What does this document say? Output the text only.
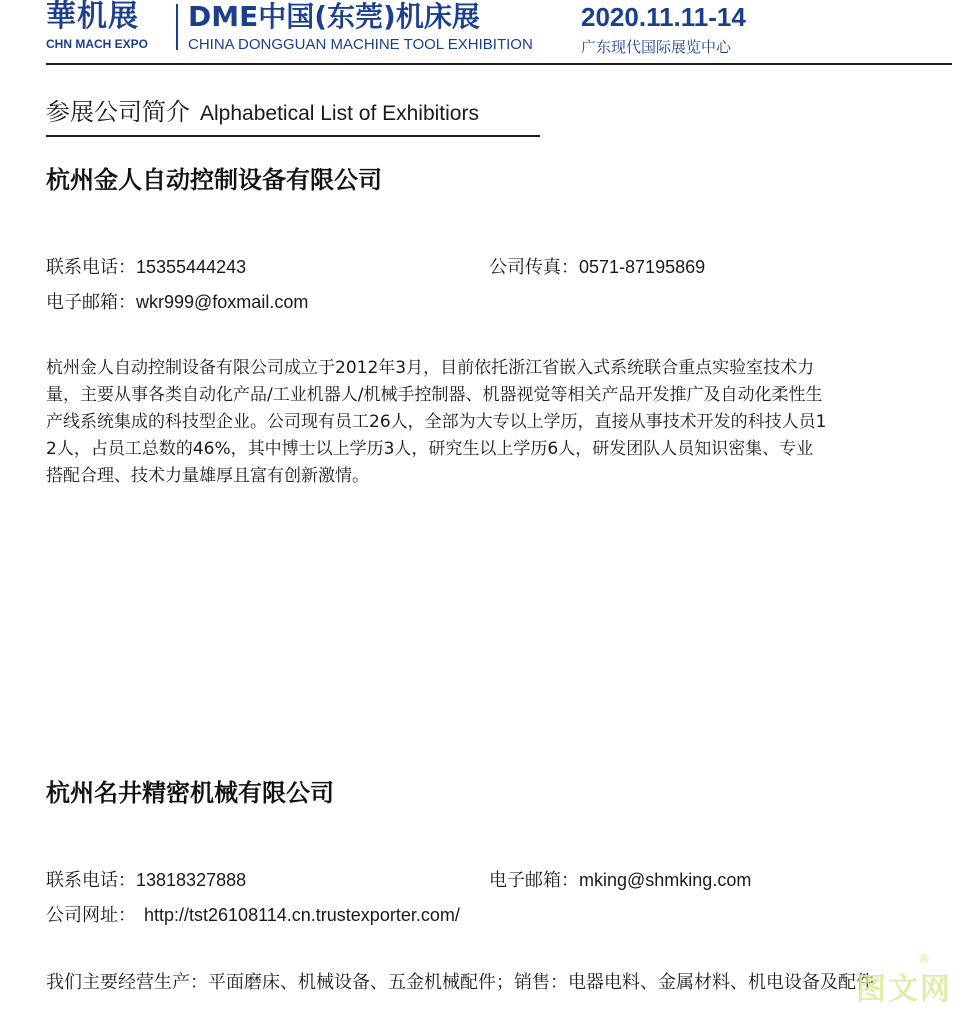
華机展
CHN MACH EXPO
DME中国(东莞)机床展	2020.11.11-14
CHINA DONGGUAN MACHINE TOOL EXHIBITION	广东现代国际展览中心
参展公司简介 Alphabetical List of Exhibitiors
杭州金人自动控制设备有限公司
联系电话：15355444243	公司传真：0571-87195869
电子邮箱：wkr999@foxmail.com
杭州金人自动控制设备有限公司成立于2012年3月，目前依托浙江省嵌入式系统联合重点实验室技术力
量，主要从事各类自动化产品/工业机器人/机械手控制器、机器视觉等相关产品开发推广及自动化柔性生
产线系统集成的科技型企业。公司现有员工26人，全部为大专以上学历，直接从事技术开发的科技人员1
2人，占员工总数的46%，其中博士以上学历3人，研究生以上学历6人，研发团队人员知识密集、专业
搭配合理、技术力量雄厚且富有创新激情。
杭州名井精密机械有限公司
联系电话：13818327888	电子邮箱：mking@shmking.com
公司网址： http://tst26108114.cn.trustexporter.com/
我们主要经营生产：平面磨床、机械设备、五金机械配件；销售：电器电料、金属材料、机电设备及配件
图文网
®
